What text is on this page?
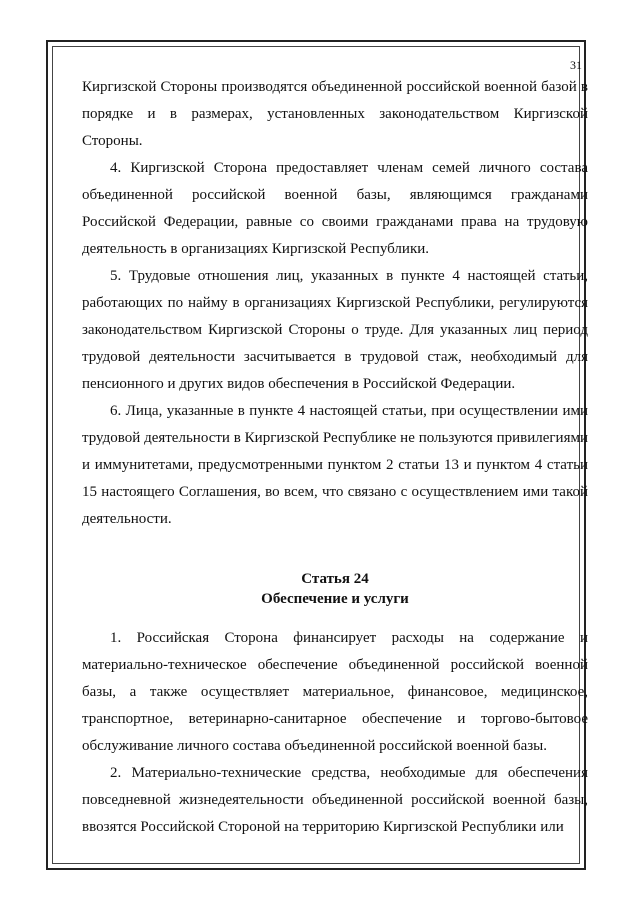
31

Киргизской Стороны производятся объединенной российской военной базой в порядке и в размерах, установленных законодательством Киргизской Стороны.

4. Киргизской Сторона предоставляет членам семей личного состава объединенной российской военной базы, являющимся гражданами Российской Федерации, равные со своими гражданами права на трудовую деятельность в организациях Киргизской Республики.

5. Трудовые отношения лиц, указанных в пункте 4 настоящей статьи, работающих по найму в организациях Киргизской Республики, регулируются законодательством Киргизской Стороны о труде. Для указанных лиц период трудовой деятельности засчитывается в трудовой стаж, необходимый для пенсионного и других видов обеспечения в Российской Федерации.

6. Лица, указанные в пункте 4 настоящей статьи, при осуществлении ими трудовой деятельности в Киргизской Республике не пользуются привилегиями и иммунитетами, предусмотренными пунктом 2 статьи 13 и пунктом 4 статьи 15 настоящего Соглашения, во всем, что связано с осуществлением ими такой деятельности.

Статья 24
Обеспечение и услуги

1. Российская Сторона финансирует расходы на содержание и материально-техническое обеспечение объединенной российской военной базы, а также осуществляет материальное, финансовое, медицинское, транспортное, ветеринарно-санитарное обеспечение и торгово-бытовое обслуживание личного состава объединенной российской военной базы.

2. Материально-технические средства, необходимые для обеспечения повседневной жизнедеятельности объединенной российской военной базы, ввозятся Российской Стороной на территорию Киргизской Республики или
